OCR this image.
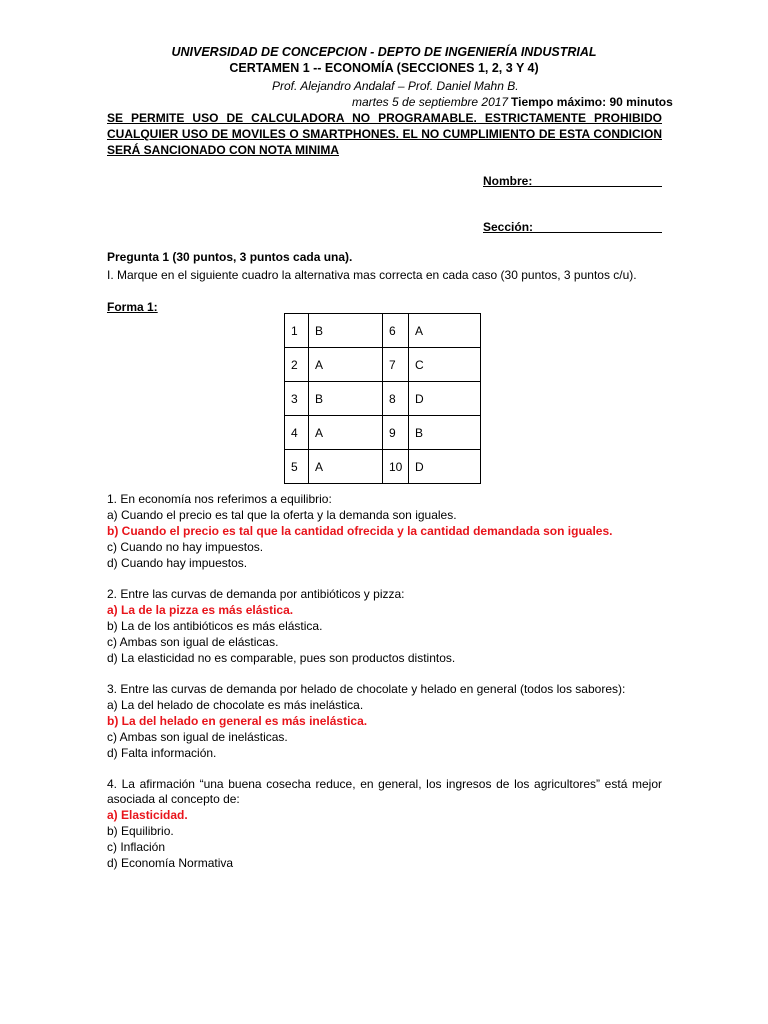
UNIVERSIDAD DE CONCEPCION - DEPTO DE INGENIERÍA INDUSTRIAL
CERTAMEN 1 -- ECONOMÍA (SECCIONES 1, 2, 3 Y 4)
Prof. Alejandro Andalaf – Prof. Daniel Mahn B.
martes 5 de septiembre 2017 Tiempo máximo: 90 minutos
SE PERMITE USO DE CALCULADORA NO PROGRAMABLE. ESTRICTAMENTE PROHIBIDO CUALQUIER USO DE MOVILES O SMARTPHONES. EL NO CUMPLIMIENTO DE ESTA CONDICION SERÁ SANCIONADO CON NOTA MINIMA
Nombre:
Sección:
Pregunta 1 (30 puntos, 3 puntos cada una).
I. Marque en el siguiente cuadro la alternativa mas correcta en cada caso (30 puntos, 3 puntos c/u).
Forma 1:
1	B	6	A
2	A	7	C
3	B	8	D
4	A	9	B
5	A	10	D
1. En economía nos referimos a equilibrio:
a) Cuando el precio es tal que la oferta y la demanda son iguales.
b) Cuando el precio es tal que la cantidad ofrecida y la cantidad demandada son iguales.
c) Cuando no hay impuestos.
d) Cuando hay impuestos.
2. Entre las curvas de demanda por antibióticos y pizza:
a) La de la pizza es más elástica.
b) La de los antibióticos es más elástica.
c) Ambas son igual de elásticas.
d) La elasticidad no es comparable, pues son productos distintos.
3. Entre las curvas de demanda por helado de chocolate y helado en general (todos los sabores):
a) La del helado de chocolate es más inelástica.
b) La del helado en general es más inelástica.
c) Ambas son igual de inelásticas.
d) Falta información.
4. La afirmación “una buena cosecha reduce, en general, los ingresos de los agricultores” está mejor
asociada al concepto de:
a) Elasticidad.
b) Equilibrio.
c) Inflación
d) Economía Normativa
